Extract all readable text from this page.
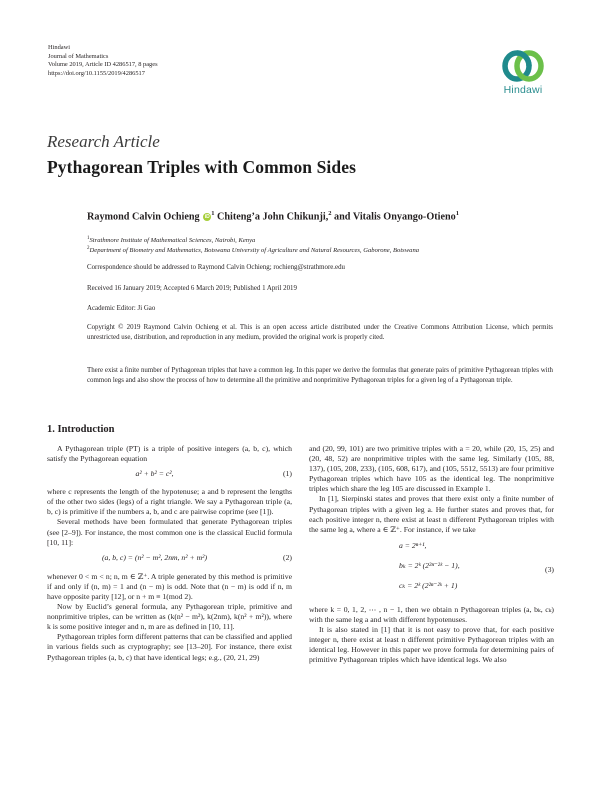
Hindawi
Journal of Mathematics
Volume 2019, Article ID 4286517, 8 pages
https://doi.org/10.1155/2019/4286517
Hindawi
Research Article
Pythagorean Triples with Common Sides
Raymond Calvin Ochieng $iD^1$ Chiteng’a John Chikunji,$^2$ and Vitalis Onyango-Otieno$^1$
$^1$Strathmore Institute of Mathematical Sciences, Nairobi, Kenya
$^2$Department of Biometry and Mathematics, Botswana University of Agriculture and Natural Resources, Gaborone, Botswana
Correspondence should be addressed to Raymond Calvin Ochieng; rochieng@strathmore.edu
Received 16 January 2019; Accepted 6 March 2019; Published 1 April 2019
Academic Editor: Ji Gao
Copyright © 2019 Raymond Calvin Ochieng et al. This is an open access article distributed under the Creative Commons Attribution License, which permits unrestricted use, distribution, and reproduction in any medium, provided the original work is properly cited.
There exist a finite number of Pythagorean triples that have a common leg. In this paper we derive the formulas that generate pairs of primitive Pythagorean triples with common legs and also show the process of how to determine all the primitive and nonprimitive Pythagorean triples for a given leg of a Pythagorean triple.
1. Introduction

A Pythagorean triple (PT) is a triple of positive integers (a, b, c), which satisfy the Pythagorean equation

a² + b² = c²,	(1)

where c represents the length of the hypotenuse; a and b represent the lengths of the other two sides (legs) of a right triangle. We say a Pythagorean triple (a, b, c) is primitive if the numbers a, b, and c are pairwise coprime (see [1]).

Several methods have been formulated that generate Pythagorean triples (see [2–9]). For instance, the most common one is the classical Euclid formula [10, 11]:

(a, b, c) = (n² − m², 2nm, n² + m²)	(2)

whenever 0 < m < n; n, m ∈ ℤ⁺. A triple generated by this method is primitive if and only if (n, m) = 1 and (n − m) is odd. Note that (n − m) is odd if n, m have opposite parity [12], or n + m ≡ 1(mod 2).

Now by Euclid’s general formula, any Pythagorean triple, primitive and nonprimitive triples, can be written as (k(n² − m²), k(2nm), k(n² + m²)), where k is some positive integer and n, m are as defined in [10, 11].

Pythagorean triples form different patterns that can be classified and applied in various fields such as cryptography; see [13–20]. For instance, there exist Pythagorean triples (a, b, c) that have identical legs; e.g., (20, 21, 29)

and (20, 99, 101) are two primitive triples with a = 20, while (20, 15, 25) and (20, 48, 52) are nonprimitive triples with the same leg. Similarly (105, 88, 137), (105, 208, 233), (105, 608, 617), and (105, 5512, 5513) are four primitive Pythagorean triples which have 105 as the identical leg. The nonprimitive triples which share the leg 105 are discussed in Example 1.

In [1], Sierpinski states and proves that there exist only a finite number of Pythagorean triples with a given leg a. He further states and proves that, for each positive integer n, there exist at least n different Pythagorean triples with the same leg a, where a ∈ ℤ⁺. For instance, if we take

a = 2ⁿ⁺¹,
bₖ = 2ᵏ (2²ⁿ⁻²ᵏ − 1),
cₖ = 2ᵏ (2²ⁿ⁻²ᵏ + 1)
(3)

where k = 0, 1, 2, ⋯ , n − 1, then we obtain n Pythagorean triples (a, bₖ, cₖ) with the same leg a and with different hypotenuses.

It is also stated in [1] that it is not easy to prove that, for each positive integer n, there exist at least n different primitive Pythagorean triples with an identical leg. However in this paper we prove formula for determining pairs of primitive Pythagorean triples which have identical legs. We also
